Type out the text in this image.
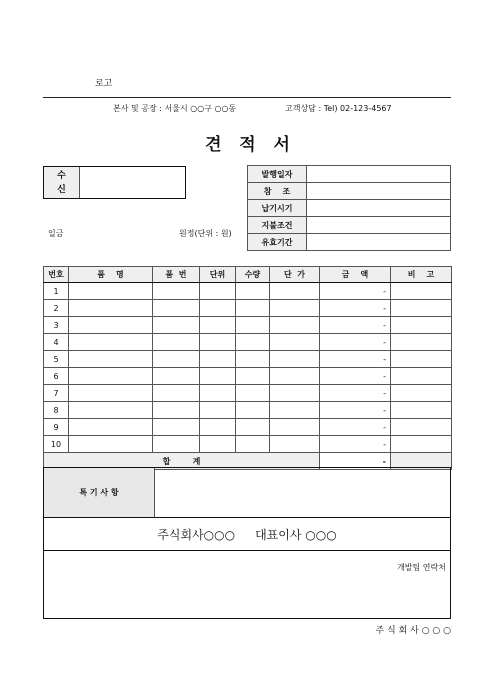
로고
본사 및 공장 : 서울시 ○○구 ○○동	고객상담 : Tel) 02-123-4567
견   적   서
수
신
발행일자	
참    조	
납기시기	
지불조건	
유효기간	
일금	원정(단위 : 원)
번호	품    명	품  번	단위	수량	단  가	금    액	비    고
1						-	
2						-	
3						-	
4						-	
5						-	
6						-	
7						-	
8						-	
9						-	
10						-	
합        계						-	
특 기 사 항
주식회사○○○ 대표이사 ○○○
개발팀 연락처
주 식 회 사 ○ ○ ○
